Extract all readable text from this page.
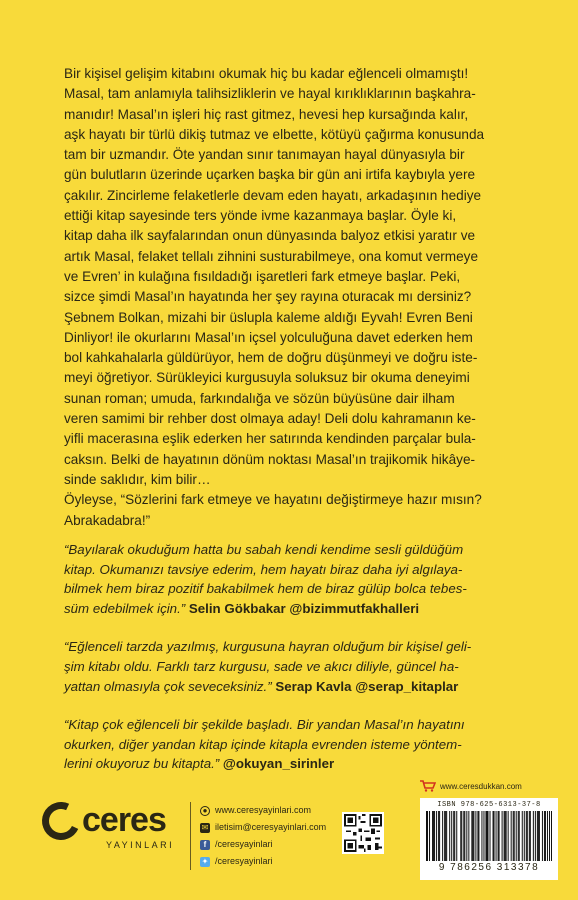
Bir kişisel gelişim kitabını okumak hiç bu kadar eğlenceli olmamıştı!

Masal, tam anlamıyla talihsizliklerin ve hayal kırıklıklarının başkahra-

manıdır! Masal’ın işleri hiç rast gitmez, hevesi hep kursağında kalır,

aşk hayatı bir türlü dikiş tutmaz ve elbette, kötüyü çağırma konusunda

tam bir uzmandır. Öte yandan sınır tanımayan hayal dünyasıyla bir

gün bulutların üzerinde uçarken başka bir gün ani irtifa kaybıyla yere

çakılır. Zincirleme felaketlerle devam eden hayatı, arkadaşının hediye

ettiği kitap sayesinde ters yönde ivme kazanmaya başlar. Öyle ki,

kitap daha ilk sayfalarından onun dünyasında balyoz etkisi yaratır ve

artık Masal, felaket tellalı zihnini susturabilmeye, ona komut vermeye

ve Evren’ in kulağına fısıldadığı işaretleri fark etmeye başlar. Peki,

sizce şimdi Masal’ın hayatında her şey rayına oturacak mı dersiniz?

Şebnem Bolkan, mizahi bir üslupla kaleme aldığı Eyvah! Evren Beni

Dinliyor! ile okurlarını Masal’ın içsel yolculuğuna davet ederken hem

bol kahkahalarla güldürüyor, hem de doğru düşünmeyi ve doğru iste-

meyi öğretiyor. Sürükleyici kurgusuyla soluksuz bir okuma deneyimi

sunan roman; umuda, farkındalığa ve sözün büyüsüne dair ilham

veren samimi bir rehber dost olmaya aday! Deli dolu kahramanın ke-

yifli macerasına eşlik ederken her satırında kendinden parçalar bula-

caksın. Belki de hayatının dönüm noktası Masal’ın trajikomik hikâye-

sinde saklıdır, kim bilir…

Öyleyse, “Sözlerini fark etmeye ve hayatını değiştirmeye hazır mısın?

Abrakadabra!”

“Bayılarak okuduğum hatta bu sabah kendi kendime sesli güldüğüm
kitap. Okumanızı tavsiye ederim, hem hayatı biraz daha iyi algılaya-
bilmek hem biraz pozitif bakabilmek hem de biraz gülüp bolca tebes-
süm edebilmek için.” Selin Gökbakar @bizimmutfakhalleri
“Eğlenceli tarzda yazılmış, kurgusuna hayran olduğum bir kişisel geli-
şim kitabı oldu. Farklı tarz kurgusu, sade ve akıcı diliyle, güncel ha-
yattan olmasıyla çok seveceksiniz.” Serap Kavla @serap_kitaplar
“Kitap çok eğlenceli bir şekilde başladı. Bir yandan Masal’ın hayatını
okurken, diğer yandan kitap içinde kitapla evrenden isteme yöntem-
lerini okuyoruz bu kitapta.” @okuyan_sirinler
ceres
YAYINLARI
● www.ceresyayinlari.com
✉ iletisim@ceresyayinlari.com
f /ceresyayinlari
✦ /ceresyayinlari
www.ceresdukkan.com
ISBN 978-625-6313-37-8
9 786256 313378
